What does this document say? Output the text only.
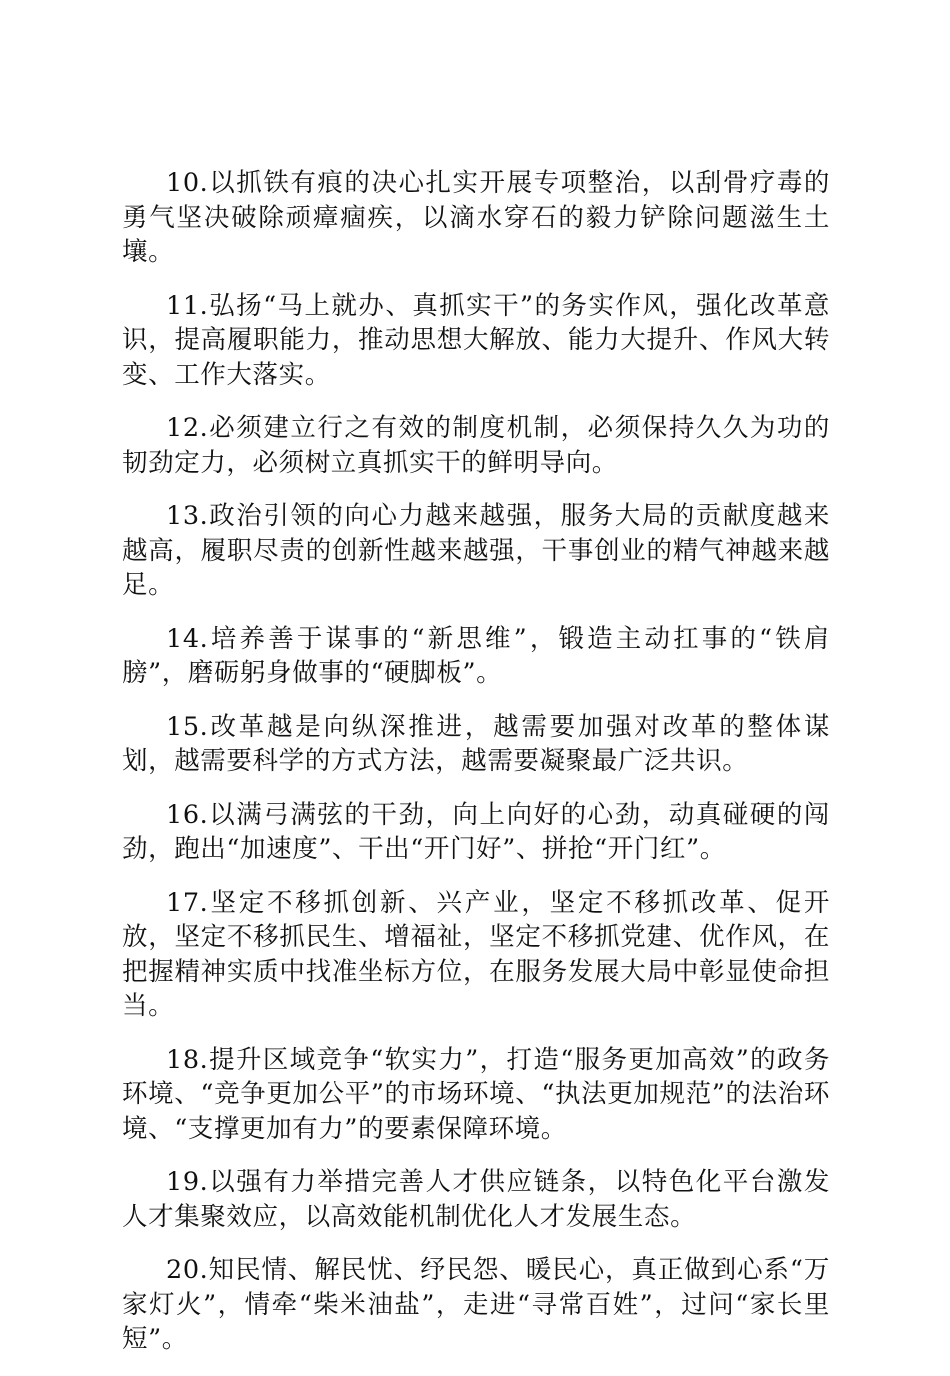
10.以抓铁有痕的决心扎实开展专项整治，以刮骨疗毒的勇气坚决破除顽瘴痼疾，以滴水穿石的毅力铲除问题滋生土壤。

11.弘扬“马上就办、真抓实干”的务实作风，强化改革意识，提高履职能力，推动思想大解放、能力大提升、作风大转变、工作大落实。

12.必须建立行之有效的制度机制，必须保持久久为功的韧劲定力，必须树立真抓实干的鲜明导向。

13.政治引领的向心力越来越强，服务大局的贡献度越来越高，履职尽责的创新性越来越强，干事创业的精气神越来越足。

14.培养善于谋事的“新思维”，锻造主动扛事的“铁肩膀”，磨砺躬身做事的“硬脚板”。

15.改革越是向纵深推进，越需要加强对改革的整体谋划，越需要科学的方式方法，越需要凝聚最广泛共识。

16.以满弓满弦的干劲，向上向好的心劲，动真碰硬的闯劲，跑出“加速度”、干出“开门好”、拼抢“开门红”。

17.坚定不移抓创新、兴产业，坚定不移抓改革、促开放，坚定不移抓民生、增福祉，坚定不移抓党建、优作风，在把握精神实质中找准坐标方位，在服务发展大局中彰显使命担当。

18.提升区域竞争“软实力”，打造“服务更加高效”的政务环境、“竞争更加公平”的市场环境、“执法更加规范”的法治环境、“支撑更加有力”的要素保障环境。

19.以强有力举措完善人才供应链条，以特色化平台激发人才集聚效应，以高效能机制优化人才发展生态。

20.知民情、解民忧、纾民怨、暖民心，真正做到心系“万家灯火”，情牵“柴米油盐”，走进“寻常百姓”，过问“家长里短”。
